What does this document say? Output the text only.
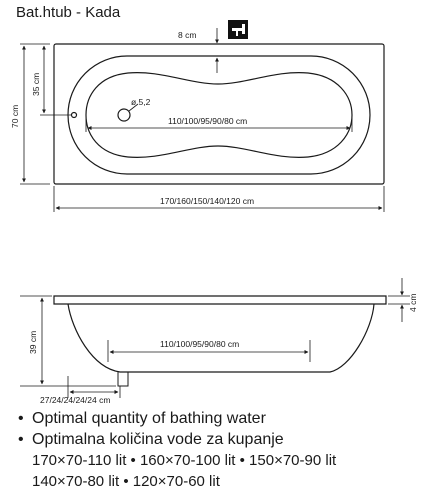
Bat.htub - Kada
8 cm
ø 5,2
110/100/95/90/80 cm
35 cm
70 cm
170/160/150/140/120 cm
4 cm
39 cm	110/100/95/90/80 cm
27/24/24/24/24 cm
• Optimal quantity of bathing water
• Optimalna količina vode za kupanje
170×70-110 lit • 160×70-100 lit • 150×70-90 lit
140×70-80 lit • 120×70-60 lit
